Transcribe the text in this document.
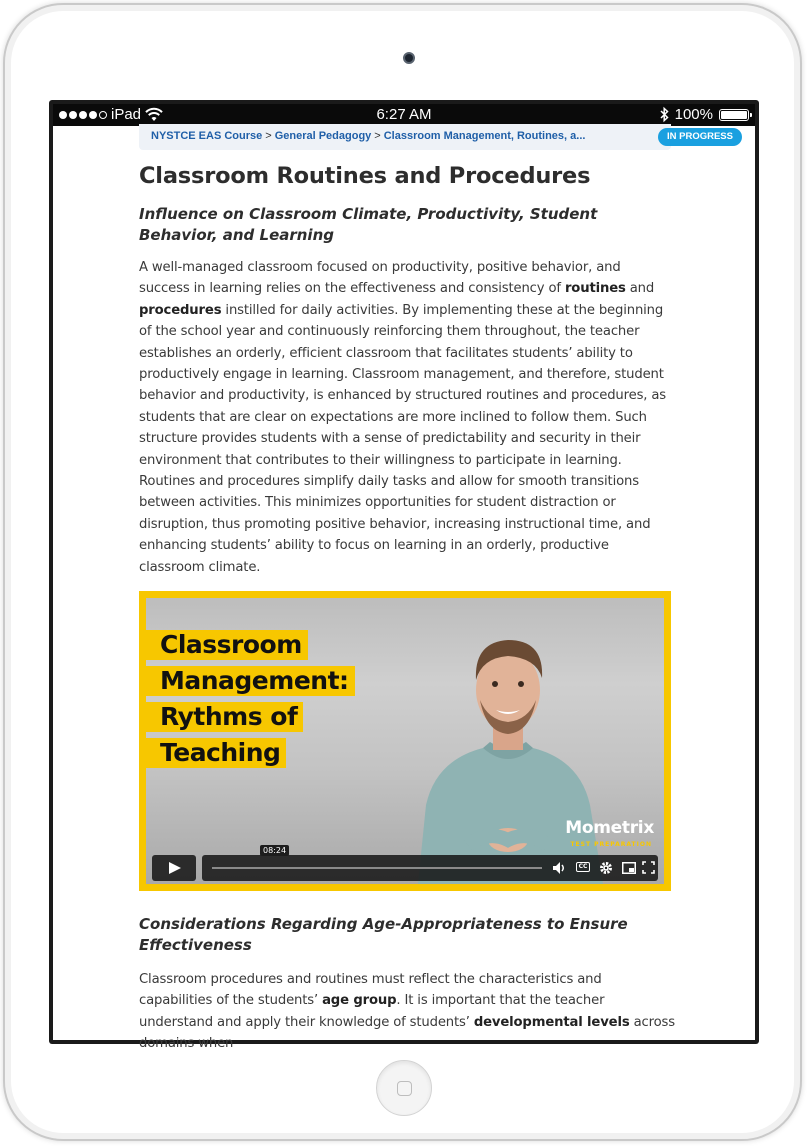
iPad	6:27 AM	100%
NYSTCE EAS Course > General Pedagogy > Classroom Management, Routines, a...	IN PROGRESS
Classroom Routines and Procedures
Influence on Classroom Climate, Productivity, Student Behavior, and Learning

A well-managed classroom focused on productivity, positive behavior, and success in learning relies on the effectiveness and consistency of routines and procedures instilled for daily activities. By implementing these at the beginning of the school year and continuously reinforcing them throughout, the teacher establishes an orderly, efficient classroom that facilitates students’ ability to productively engage in learning. Classroom management, and therefore, student behavior and productivity, is enhanced by structured routines and procedures, as students that are clear on expectations are more inclined to follow them. Such structure provides students with a sense of predictability and security in their environment that contributes to their willingness to participate in learning. Routines and procedures simplify daily tasks and allow for smooth transitions between activities. This minimizes opportunities for student distraction or disruption, thus promoting positive behavior, increasing instructional time, and enhancing students’ ability to focus on learning in an orderly, productive classroom climate.

Classroom
Management:
Rythms of
Teaching
Mometrix
TEST PREPARATION
08:24
CC
Considerations Regarding Age-Appropriateness to Ensure Effectiveness

Classroom procedures and routines must reflect the characteristics and capabilities of the students’ age group. It is important that the teacher understand and apply their knowledge of students’ developmental levels across domains when
